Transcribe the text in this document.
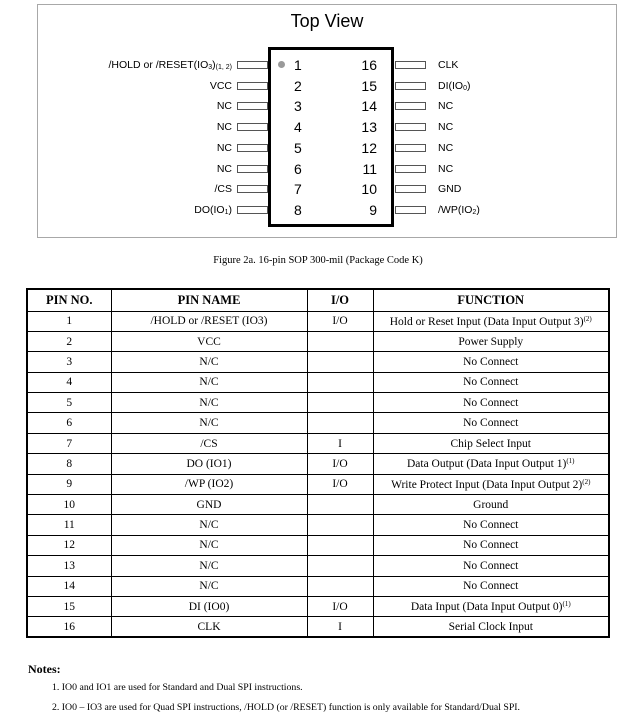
Top View
1
/HOLD or $/RESET(IO_3)_{(1, 2)}$
2
VCC
3
NC
4
NC
5
NC
6
NC
7
/CS
8
$DO(IO_1)$
16	CLK
15	$DI(IO_0)$
14	NC
13	NC
12	NC
11	NC
10	GND
9	$/WP(IO_2)$
Figure 2a. 16-pin SOP 300-mil (Package Code K)
PIN NO.	PIN NAME	I/O	FUNCTION
1	/HOLD or /RESET (IO3)	I/O	Hold or Reset Input (Data Input Output 3)$^{(2)}$
2	VCC		Power Supply
3	N/C		No Connect
4	N/C		No Connect
5	N/C		No Connect
6	N/C		No Connect
7	/CS	I	Chip Select Input
8	DO (IO1)	I/O	Data Output (Data Input Output 1)$^{(1)}$
9	/WP (IO2)	I/O	Write Protect Input (Data Input Output 2)$^{(2)}$
10	GND		Ground
11	N/C		No Connect
12	N/C		No Connect
13	N/C		No Connect
14	N/C		No Connect
15	DI (IO0)	I/O	Data Input (Data Input Output 0)$^{(1)}$
16	CLK	I	Serial Clock Input
Notes:
1. IO0 and IO1 are used for Standard and Dual SPI instructions.
2. IO0 – IO3 are used for Quad SPI instructions, /HOLD (or /RESET) function is only available for Standard/Dual SPI.
